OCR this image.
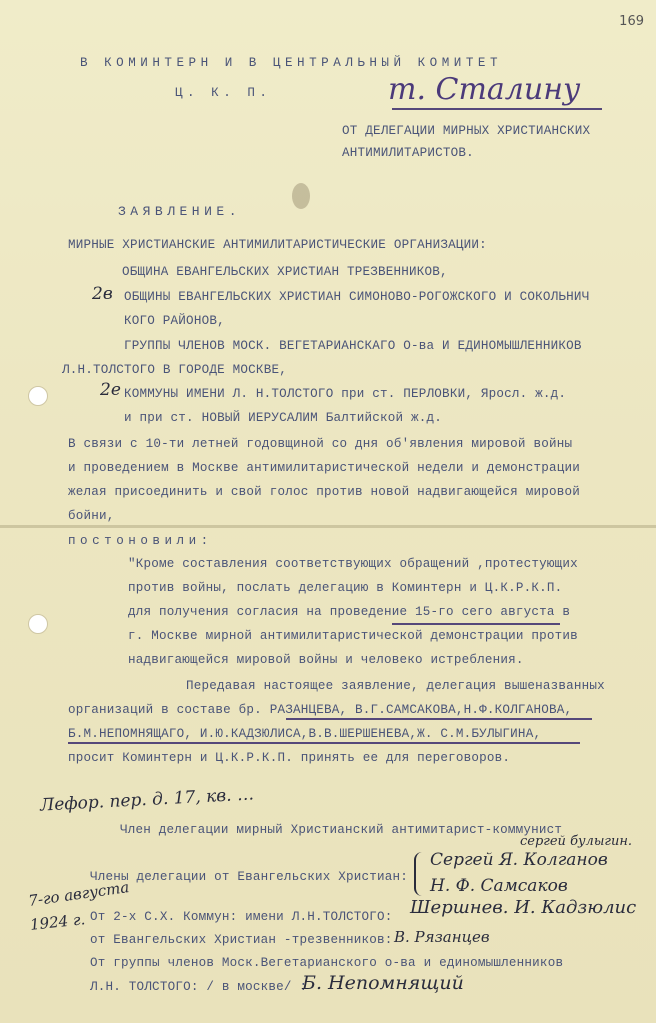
169
В КОМИНТЕРН И В ЦЕНТРАЛЬНЫЙ КОМИТЕТ
Ц. К. П.	т. Сталину
ОТ ДЕЛЕГАЦИИ МИРНЫХ ХРИСТИАНСКИХ
АНТИМИЛИТАРИСТОВ.
ЗАЯВЛЕНИЕ.
МИРНЫЕ ХРИСТИАНСКИЕ АНТИМИЛИТАРИСТИЧЕСКИЕ ОРГАНИЗАЦИИ:
ОБЩИНА ЕВАНГЕЛЬСКИХ ХРИСТИАН ТРЕЗВЕННИКОВ,
2в ОБЩИНЫ ЕВАНГЕЛЬСКИХ ХРИСТИАН СИМОНОВО-РОГОЖСКОГО И СОКОЛЬНИЧ
КОГО РАЙОНОВ,
ГРУППЫ ЧЛЕНОВ МОСК. ВЕГЕТАРИАНСКАГО О-ва И ЕДИНОМЫШЛЕННИКОВ
Л.Н.ТОЛСТОГО В ГОРОДЕ МОСКВЕ,
2е КОММУНЫ ИМЕНИ Л. Н.ТОЛСТОГО при ст. ПЕРЛОВКИ, Яросл. ж.д.
и при ст. НОВЫЙ ИЕРУСАЛИМ Балтийской ж.д.
В связи с 10-ти летней годовщиной со дня об'явления мировой войны
и проведением в Москве антимилитаристической недели и демонстрации
желая присоединить и свой голос против новой надвигающейся мировой
бойни,
постоновили:
"Кроме составления соответствующих обращений ,протестующих
против войны, послать делегацию в Коминтерн и Ц.К.Р.К.П.
для получения согласия на проведение 15-го сего августа в
г. Москве мирной антимилитаристической демонстрации против
надвигающейся мировой войны и человеко истребления.
Передавая настоящее заявление, делегация вышеназванных
организаций в составе бр. РАЗАНЦЕВА, В.Г.САМСАКОВА,Н.Ф.КОЛГАНОВА,
Б.М.НЕПОМНЯЩАГО, И.Ю.КАДЗЮЛИСА,В.В.ШЕРШЕНЕВА,Ж. С.М.БУЛЫГИНА,
просит Коминтерн и Ц.К.Р.К.П. принять ее для переговоров.
Лефор. пер. д. 17, кв. …
Член делегации мирный Христианский антимитарист-коммунист
сергей булыгин.
Члены делегации от Евангельских Христиан:
Сергей Я. Колганов
Н. Ф. Самсаков
7-го августа
1924 г. От 2-х С.Х. Коммун: имени Л.Н.ТОЛСТОГО: Шершнев. И. Кадзюлис
от Евангельских Христиан -трезвенников: В. Рязанцев
От группы членов Моск.Вегетарианского о-ва и единомышленников
Л.Н. ТОЛСТОГО: / в москве/ :
Б. Непомнящий
